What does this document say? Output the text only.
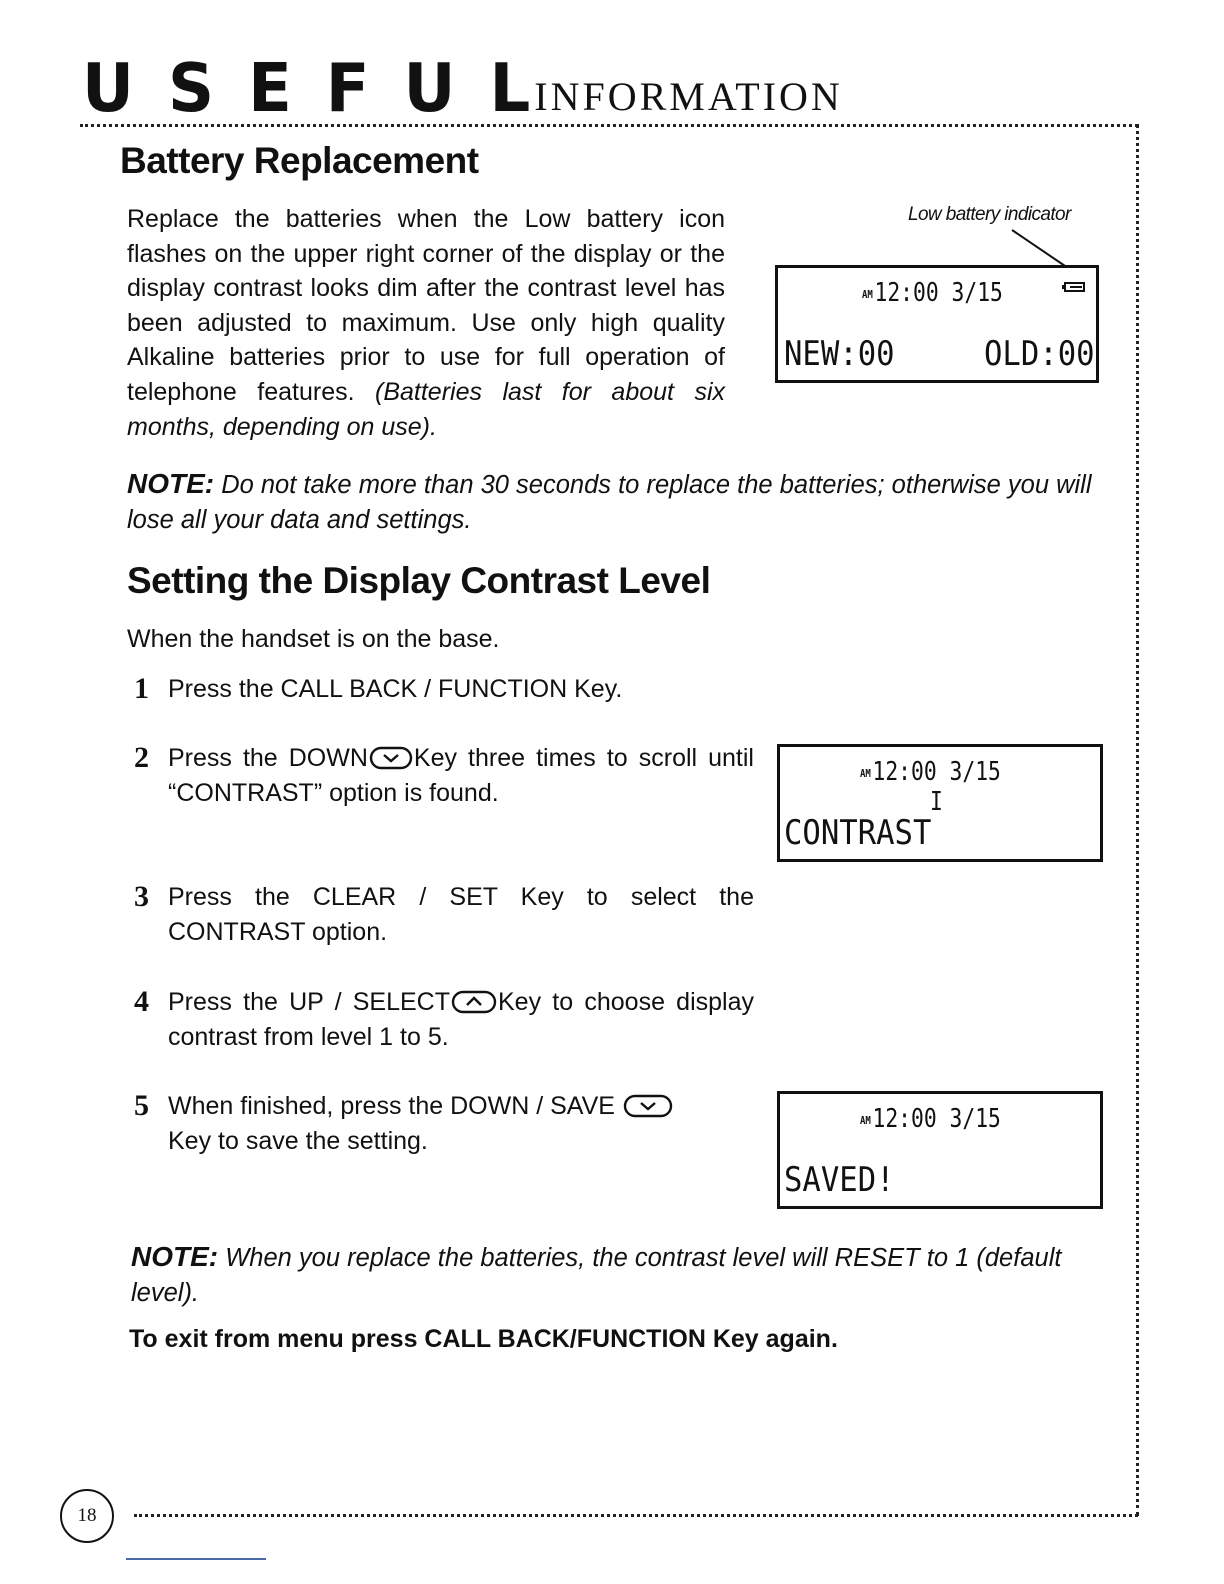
U S E F U L INFORMATION
Battery Replacement
Replace the batteries when the Low battery icon flashes on the upper right corner of the display or the display contrast looks dim after the contrast level has been adjusted to maximum. Use only high quality Alkaline batteries prior to use for full operation of telephone features. (Batteries last for about six months, depending on use).
Low battery indicator
AM12:00 3/15
NEW:00	OLD:00
NOTE: Do not take more than 30 seconds to replace the batteries; otherwise you will lose all your data and settings.
Setting the Display Contrast Level
When the handset is on the base.
1 Press the CALL BACK / FUNCTION Key.
2 Press the DOWN Key three times to scroll until “CONTRAST” option is found.
AM12:00 3/15
I
CONTRAST
3 Press the CLEAR / SET Key to select the CONTRAST option.
4 Press the UP / SELECT Key to choose display contrast from level 1 to 5.
5 When finished, press the DOWN / SAVE
Key to save the setting.
AM12:00 3/15
SAVED!
NOTE: When you replace the batteries, the contrast level will RESET to 1 (default level).
To exit from menu press CALL BACK/FUNCTION Key again.
18
